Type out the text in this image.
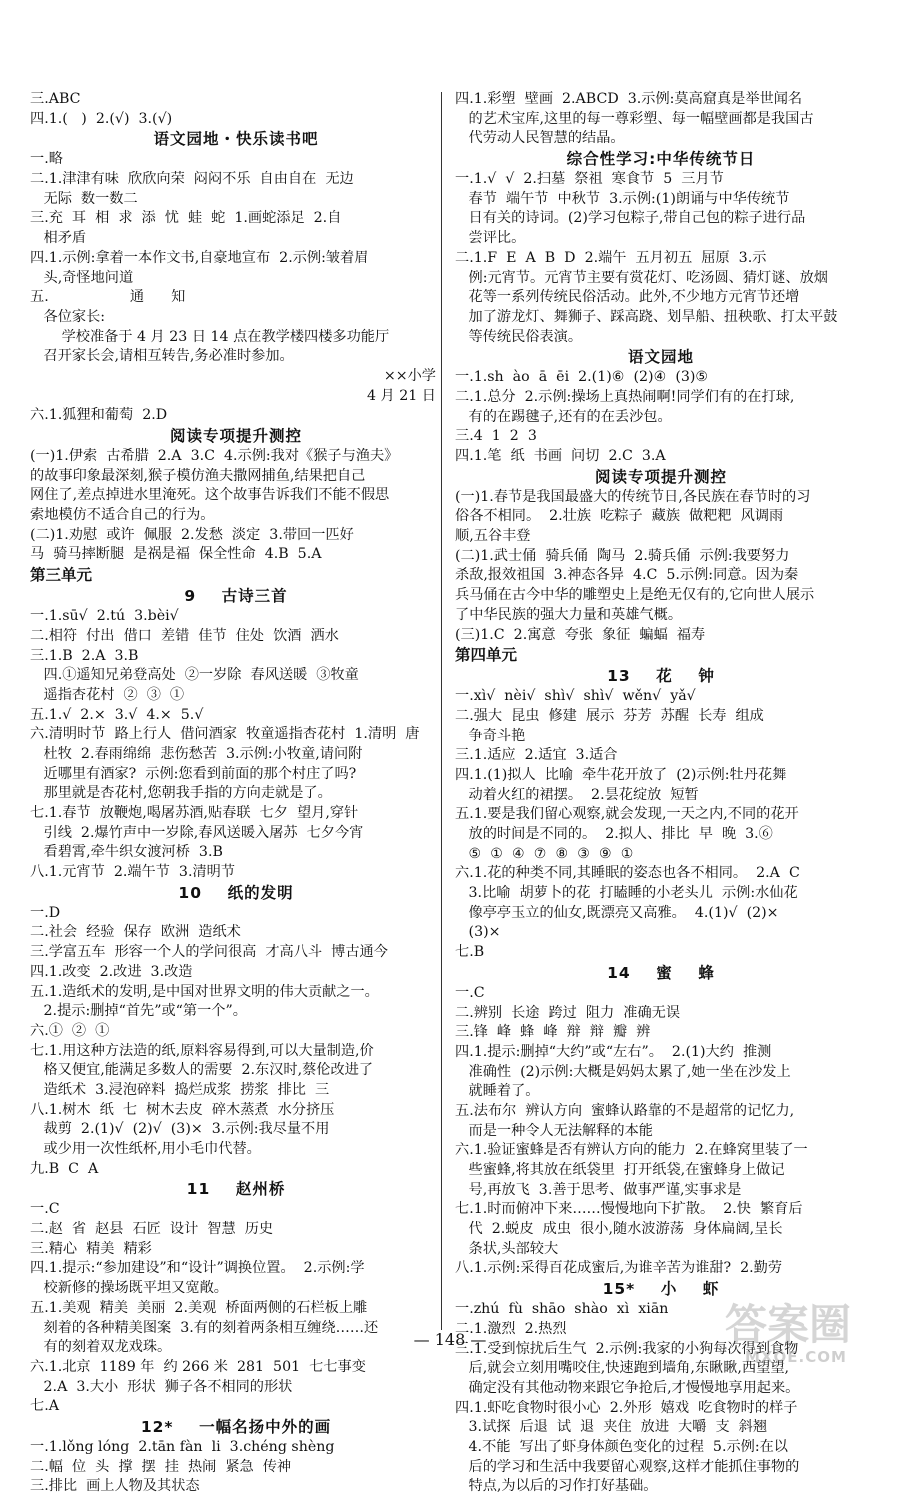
三.ABC
四.1.(   )  2.(√)  3.(√)
语文园地・快乐读书吧
一.略
二.1.津津有味  欣欣向荣  闷闷不乐  自由自在  无边
无际  数一数二
三.充  耳  相  求  添  忧  蛙  蛇  1.画蛇添足  2.自
相矛盾
四.1.示例:拿着一本作文书,自豪地宣布  2.示例:皱着眉
头,奇怪地问道
五.                  通      知
各位家长:
学校准备于 4 月 23 日 14 点在教学楼四楼多功能厅
召开家长会,请相互转告,务必准时参加。
××小学
4 月 21 日
六.1.狐狸和葡萄  2.D
阅读专项提升测控
(一)1.伊索  古希腊  2.A  3.C  4.示例:我对《猴子与渔夫》
的故事印象最深刻,猴子模仿渔夫撒网捕鱼,结果把自己
网住了,差点掉进水里淹死。这个故事告诉我们不能不假思
索地模仿不适合自己的行为。
(二)1.劝慰  或许  佩服  2.发愁  淡定  3.带回一匹好
马  骑马摔断腿  是祸是福  保全性命  4.B  5.A
第三单元
9    古诗三首
一.1.sū√  2.tú  3.bèi√
二.相符  付出  借口  差错  佳节  住处  饮酒  洒水
三.1.B  2.A  3.B
四.①遥知兄弟登高处  ②一岁除  春风送暖  ③牧童
遥指杏花村  ②  ③  ①
五.1.√  2.×  3.√  4.×  5.√
六.清明时节  路上行人  借问酒家  牧童遥指杏花村  1.清明  唐
杜牧  2.春雨绵绵  悲伤愁苦  3.示例:小牧童,请问附
近哪里有酒家?  示例:您看到前面的那个村庄了吗?
那里就是杏花村,您朝我手指的方向走就是了。
七.1.春节  放鞭炮,喝屠苏酒,贴春联  七夕  望月,穿针
引线  2.爆竹声中一岁除,春风送暖入屠苏  七夕今宵
看碧霄,牵牛织女渡河桥  3.B
八.1.元宵节  2.端午节  3.清明节
10    纸的发明
一.D
二.社会  经验  保存  欧洲  造纸术
三.学富五车  形容一个人的学问很高  才高八斗  博古通今
四.1.改变  2.改进  3.改造
五.1.造纸术的发明,是中国对世界文明的伟大贡献之一。
2.提示:删掉“首先”或“第一个”。
六.①  ②  ①
七.1.用这种方法造的纸,原料容易得到,可以大量制造,价
格又便宜,能满足多数人的需要  2.东汉时,蔡伦改进了
造纸术  3.浸泡碎料  捣烂成浆  捞浆  排比  三
八.1.树木  纸  七  树木去皮  碎木蒸煮  水分挤压
裁剪  2.(1)√  (2)√  (3)×  3.示例:我尽量不用
或少用一次性纸杯,用小毛巾代替。
九.B  C  A
11    赵州桥
一.C
二.赵  省  赵县  石匠  设计  智慧  历史
三.精心  精美  精彩
四.1.提示:“参加建设”和“设计”调换位置。  2.示例:学
校新修的操场既平坦又宽敞。
五.1.美观  精美  美丽  2.美观  桥面两侧的石栏板上雕
刻着的各种精美图案  3.有的刻着两条相互缠绕……还
有的刻着双龙戏珠。
六.1.北京  1189 年  约 266 米  281  501  七七事变
2.A  3.大小  形状  狮子各不相同的形状
七.A
12*    一幅名扬中外的画
一.1.lǒng lóng  2.tān fàn  li  3.chéng shèng
二.幅  位  头  撑  摆  挂  热闹  紧急  传神
三.排比  画上人物及其状态
四.1.彩塑  壁画  2.ABCD  3.示例:莫高窟真是举世闻名
的艺术宝库,这里的每一尊彩塑、每一幅壁画都是我国古
代劳动人民智慧的结晶。
综合性学习:中华传统节日
一.1.√  √  2.扫墓  祭祖  寒食节  5  三月节
春节  端午节  中秋节  3.示例:(1)朗诵与中华传统节
日有关的诗词。(2)学习包粽子,带自己包的粽子进行品
尝评比。
二.1.F  E  A  B  D  2.端午  五月初五  屈原  3.示
例:元宵节。元宵节主要有赏花灯、吃汤圆、猜灯谜、放烟
花等一系列传统民俗活动。此外,不少地方元宵节还增
加了游龙灯、舞狮子、踩高跷、划旱船、扭秧歌、打太平鼓
等传统民俗表演。
语文园地
一.1.sh  ào  ā  ēi  2.(1)⑥  (2)④  (3)⑤
二.1.总分  2.示例:操场上真热闹啊!同学们有的在打球,
有的在踢毽子,还有的在丢沙包。
三.4  1  2  3
四.1.笔  纸  书画  问切  2.C  3.A
阅读专项提升测控
(一)1.春节是我国最盛大的传统节日,各民族在春节时的习
俗各不相同。  2.壮族  吃粽子  藏族  做粑粑  风调雨
顺,五谷丰登
(二)1.武士俑  骑兵俑  陶马  2.骑兵俑  示例:我要努力
杀敌,报效祖国  3.神态各异  4.C  5.示例:同意。因为秦
兵马俑在古今中华的雕塑史上是绝无仅有的,它向世人展示
了中华民族的强大力量和英雄气概。
(三)1.C  2.寓意  夸张  象征  蝙蝠  福寿
第四单元
13    花    钟
一.xì√  nèi√  shì√  shì√  wěn√  yǎ√
二.强大  昆虫  修建  展示  芬芳  苏醒  长寿  组成
争奇斗艳
三.1.适应  2.适宜  3.适合
四.1.(1)拟人  比喻  牵牛花开放了  (2)示例:牡丹花舞
动着火红的裙摆。  2.昙花绽放  短暂
五.1.要是我们留心观察,就会发现,一天之内,不同的花开
放的时间是不同的。  2.拟人、排比  早  晚  3.⑥
⑤  ①  ④  ⑦  ⑧  ③  ⑨  ①
六.1.花的种类不同,其睡眠的姿态也各不相同。  2.A  C
3.比喻  胡萝卜的花  打瞌睡的小老头儿  示例:水仙花
像亭亭玉立的仙女,既漂亮又高雅。  4.(1)√  (2)×
(3)×
七.B
14    蜜    蜂
一.C
二.辨别  长途  跨过  阻力  准确无误
三.锋  峰  蜂  峰  辩  辩  瓣  辨
四.1.提示:删掉“大约”或“左右”。  2.(1)大约  推测
准确性  (2)示例:大概是妈妈太累了,她一坐在沙发上
就睡着了。
五.法布尔  辨认方向  蜜蜂认路靠的不是超常的记忆力,
而是一种令人无法解释的本能
六.1.验证蜜蜂是否有辨认方向的能力  2.在蜂窝里装了一
些蜜蜂,将其放在纸袋里  打开纸袋,在蜜蜂身上做记
号,再放飞  3.善于思考、做事严谨,实事求是
七.1.时而俯冲下来……慢慢地向下扩散。  2.快  繁育后
代  2.蜕皮  成虫  很小,随水波游荡  身体扁阔,呈长
条状,头部较大
八.1.示例:采得百花成蜜后,为谁辛苦为谁甜?  2.勤劳
15*    小    虾
一.zhú  fù  shāo  shào  xì  xiān
二.1.激烈  2.热烈
三.1.受到惊扰后生气  2.示例:我家的小狗每次得到食物
后,就会立刻用嘴咬住,快速跑到墙角,东瞅瞅,西望望,
确定没有其他动物来跟它争抢后,才慢慢地享用起来。
四.1.虾吃食物时很小心  2.外形  嬉戏  吃食物时的样子
3.试探  后退  试  退  夹住  放进  大嚼  支  斜翘
4.不能  写出了虾身体颜色变化的过程  5.示例:在以
后的学习和生活中我要留心观察,这样才能抓住事物的
特点,为以后的习作打好基础。
— 148 —	答案圈
MXQE.COM
